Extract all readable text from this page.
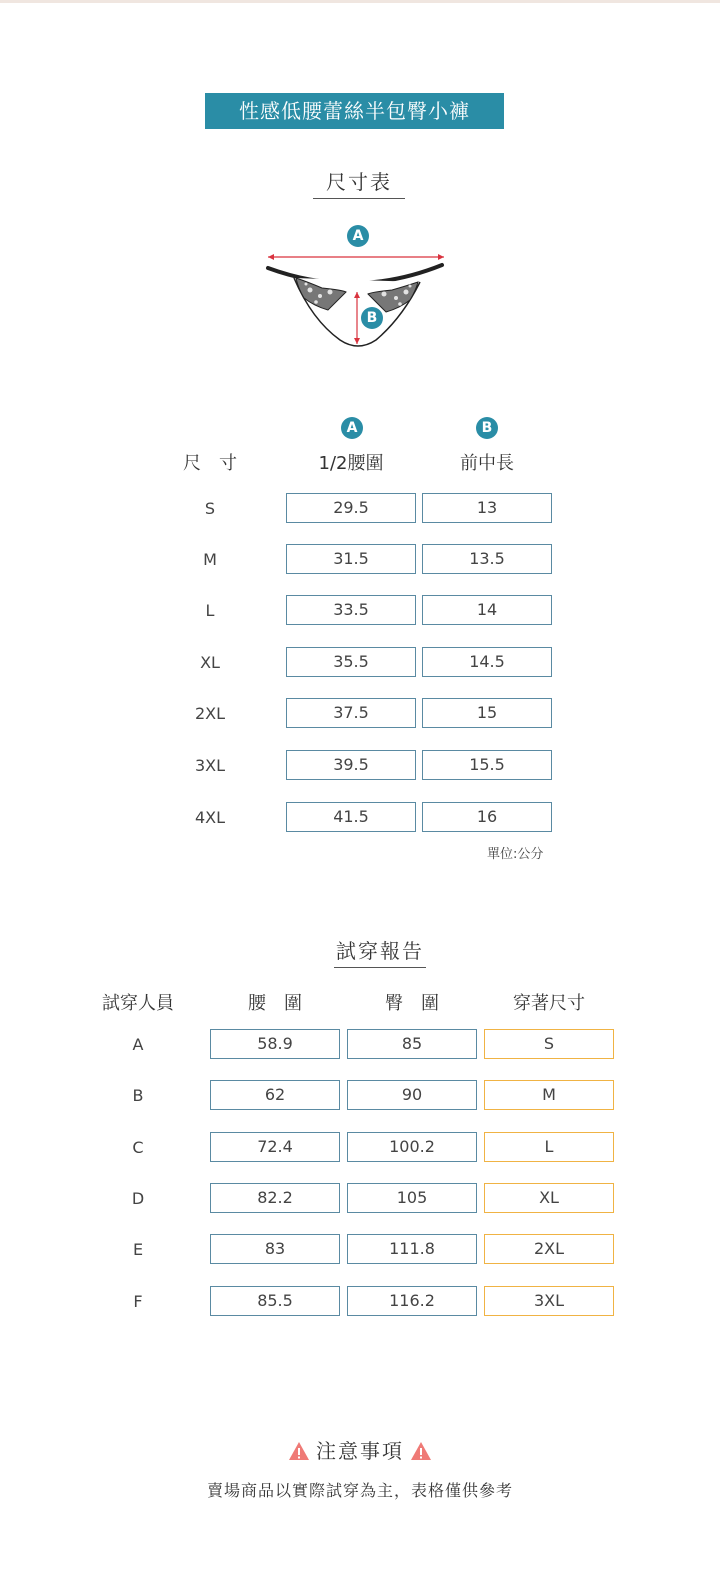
性感低腰蕾絲半包臀小褲
尺寸表
A
B
A	B
尺　寸	1/2腰圍	前中長
S	29.5	13
M	31.5	13.5
L	33.5	14
XL	35.5	14.5
2XL	37.5	15
3XL	39.5	15.5
4XL	41.5	16
單位:公分
試穿報告
試穿人員	腰　圍	臀　圍	穿著尺寸
A	58.9	85	S
B	62	90	M
C	72.4	100.2	L
D	82.2	105	XL
E	83	111.8	2XL
F	85.5	116.2	3XL
注意事項
賣場商品以實際試穿為主，表格僅供參考
